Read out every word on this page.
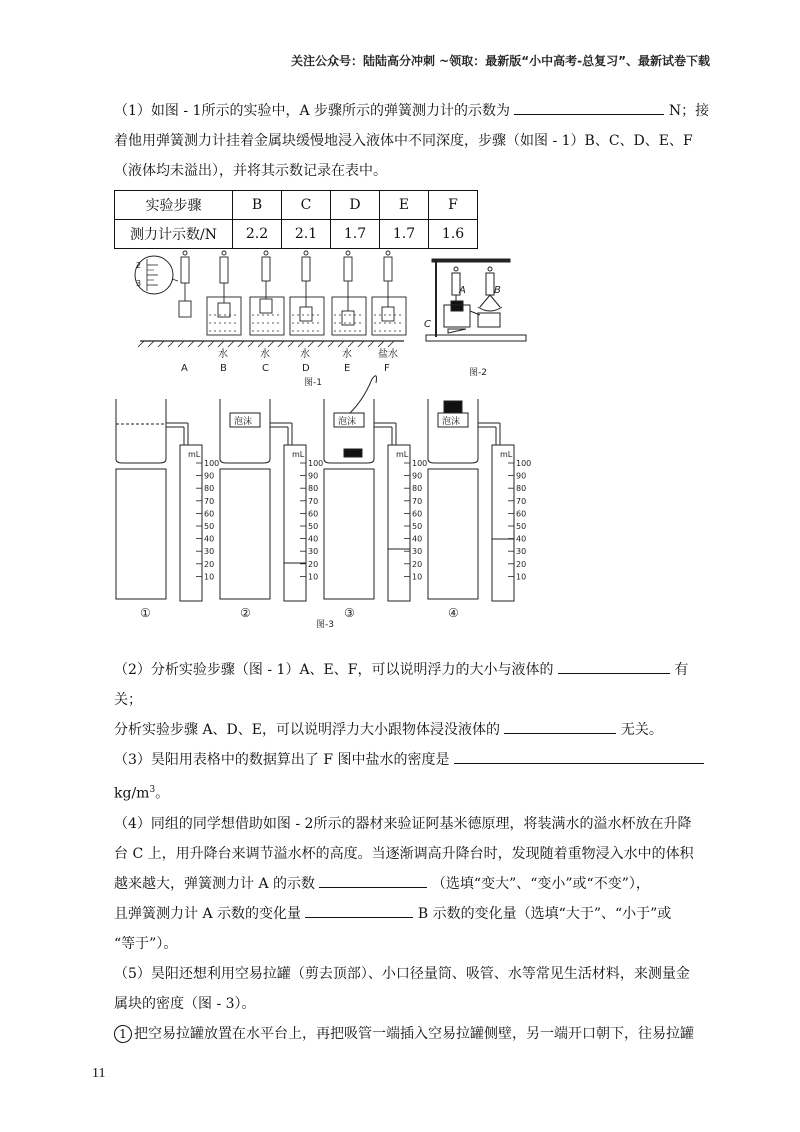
关注公众号：陆陆高分冲刺 ~领取：最新版“小中高考-总复习”、最新试卷下载
（1）如图 - 1所示的实验中，A 步骤所示的弹簧测力计的示数为	N；接
着他用弹簧测力计挂着金属块缓慢地浸入液体中不同深度，步骤（如图 - 1）B、C、D、E、F
（液体均未溢出），并将其示数记录在表中。
实验步骤	B	C	D	E	F
测力计示数/N	2.2	2.1	1.7	1.7	1.6
2
3
水	水	水	水	盐水
A	B	C	D	E	F
图-1
A	B
C
图-2
泡沫	泡沫	泡沫
mL
100
90
80
70
60
50
40
30
20
10
mL
100
90
80
70
60
50
40
30
20
10
mL
100
90
80
70
60
50
40
30
20
10
mL
100
90
80
70
60
50
40
30
20
10
①	②	③	④
图-3
（2）分析实验步骤（图 - 1）A、E、F，可以说明浮力的大小与液体的	有关；
分析实验步骤 A、D、E，可以说明浮力大小跟物体浸没液体的	无关。
（3）昊阳用表格中的数据算出了 F 图中盐水的密度是
$kg/m^3$。
（4）同组的同学想借助如图 - 2所示的器材来验证阿基米德原理，将装满水的溢水杯放在升降
台 C 上，用升降台来调节溢水杯的高度。当逐渐调高升降台时，发现随着重物浸入水中的体积
越来越大，弹簧测力计 A 的示数	（选填“变大”、“变小”或“不变”），
且弹簧测力计 A 示数的变化量	B 示数的变化量（选填“大于”、“小于”或
“等于”）。
（5）昊阳还想利用空易拉罐（剪去顶部）、小口径量筒、吸管、水等常见生活材料，来测量金
属块的密度（图 - 3）。
1 把空易拉罐放置在水平台上，再把吸管一端插入空易拉罐侧壁，另一端开口朝下，往易拉罐
11
